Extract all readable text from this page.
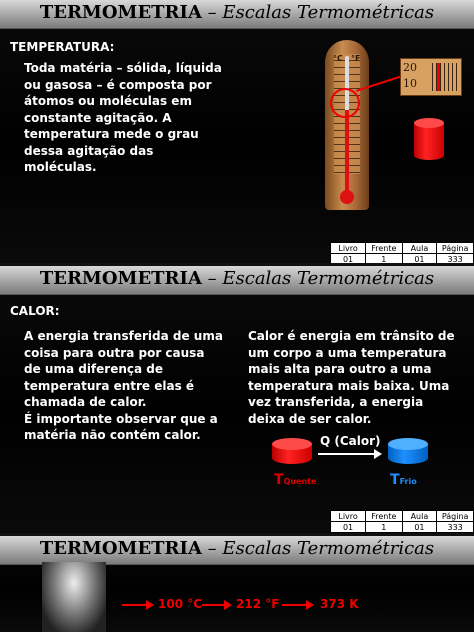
TERMOMETRIA – Escalas Termométricas
TEMPERATURA:
Toda matéria – sólida, líquida ou gasosa – é composta por átomos ou moléculas em constante agitação. A temperatura mede o grau dessa agitação das moléculas.
°C °F
20
10
Livro	Frente	Aula	Página
01	1	01	333
TERMOMETRIA – Escalas Termométricas
CALOR:
A energia transferida de uma coisa para outra por causa de uma diferença de temperatura entre elas é chamada de calor.
É importante observar que a matéria não contém calor.
Calor é energia em trânsito de um corpo a uma temperatura mais alta para outro a uma temperatura mais baixa. Uma vez transferida, a energia deixa de ser calor.
Q (Calor)
TQuente	TFrio
Livro	Frente	Aula	Página
01	1	01	333
TERMOMETRIA – Escalas Termométricas
100 °C	212 °F	373 K
